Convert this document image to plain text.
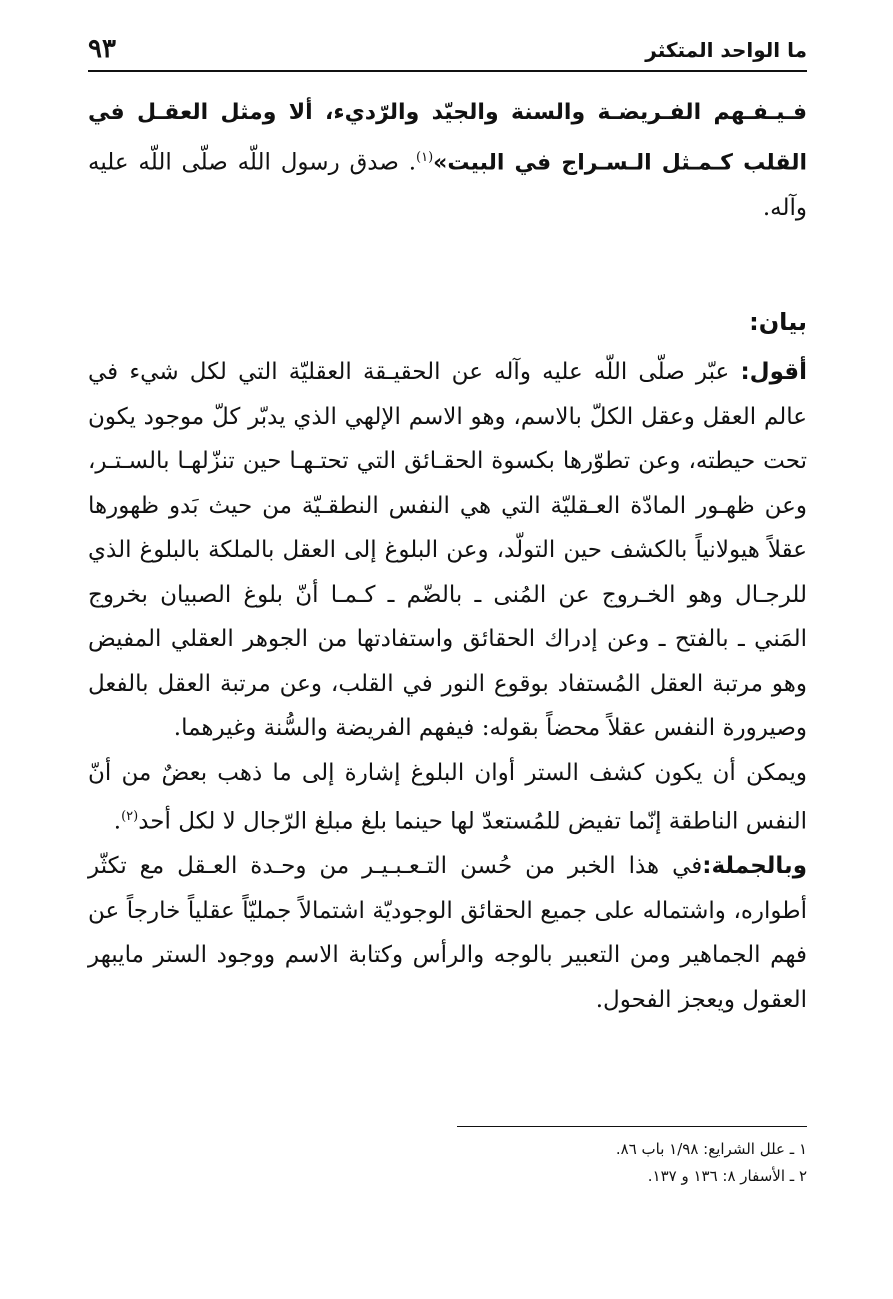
ما الواحد المتكثر
٩٣

فـيـفـهم الفـريضـة والسنة والجيّد والرّديء، ألا ومثل العقـل في القلب كـمـثل الـسـراج في البيت»$^{(١)}$. صدق رسول اللّه صلّى اللّه عليه وآله.

بيان:

أقول: عبّر صلّى اللّه عليه وآله عن الحقيـقة العقليّة التي لكل شيء في عالم العقل وعقل الكلّ بالاسم، وهو الاسم الإلهي الذي يدبّر كلّ موجود يكون تحت حيطته، وعن تطوّرها بكسوة الحقـائق التي تحتـهـا حين تنزّلهـا بالسـتـر، وعن ظهـور المادّة العـقليّة التي هي النفس النطقـيّة من حيث بَدو ظهورها عقلاً هيولانياً بالكشف حين التولّد، وعن البلوغ إلى العقل بالملكة بالبلوغ الذي للرجـال وهو الخـروج عن المُنى ـ بالضّم ـ كـمـا أنّ بلوغ الصبيان بخروج المَني ـ بالفتح ـ وعن إدراك الحقائق واستفادتها من الجوهر العقلي المفيض وهو مرتبة العقل المُستفاد بوقوع النور في القلب، وعن مرتبة العقل بالفعل وصيرورة النفس عقلاً محضاً بقوله: فيفهم الفريضة والسُّنة وغيرهما.

ويمكن أن يكون كشف الستر أوان البلوغ إشارة إلى ما ذهب بعضٌ من أنّ النفس الناطقة إنّما تفيض للمُستعدّ لها حينما بلغ مبلغ الرّجال لا لكل أحد$^{(٢)}$.

وبالجملة:في هذا الخبر من حُسن التـعـبـيـر من وحـدة العـقل مع تكثّر أطواره، واشتماله على جميع الحقائق الوجوديّة اشتمالاً جمليّاً عقلياً خارجاً عن فهم الجماهير ومن التعبير بالوجه والرأس وكتابة الاسم ووجود الستر مايبهر العقول ويعجز الفحول.

١ ـ علل الشرايع: ١/٩٨ باب ٨٦.
٢ ـ الأسفار ٨: ١٣٦ و ١٣٧.
